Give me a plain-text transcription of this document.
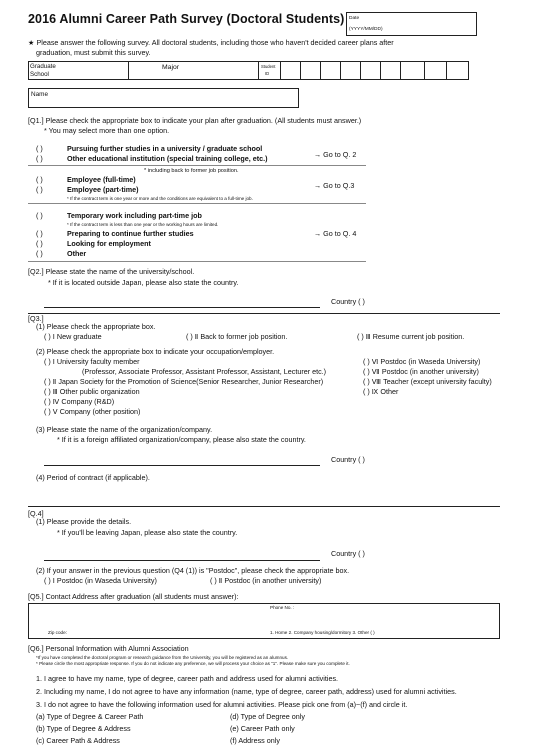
2016 Alumni Career Path Survey (Doctoral Students) Date
(YYYY/MM/DD)
★ Please answer the following survey. All doctoral students, including those who haven't decided career plans after
graduation, must submit this survey.
Graduate
School
Major	Student
ID
Name
[Q1.] Please check the appropriate box to indicate your plan after graduation. (All students must answer.)
* You may select more than one option.
( )	Pursuing further studies in a university / graduate school
( )	Other educational institution (special training college, etc.)	→ Go to Q. 2
* including back to former job position.
( )	Employee (full-time)
( )	Employee (part-time)	→ Go to Q.3
* If the contract term is one year or more and the conditions are equivalent to a full-time job.
( )	Temporary work including part-time job
* If the contract term is less than one year or the working hours are limited.
( )	Preparing to continue further studies
( )	Looking for employment
( )	Other
→ Go to Q. 4
[Q2.] Please state the name of the university/school.
* If it is located outside Japan, please also state the country.
Country ( )
[Q3.]
(1) Please check the appropriate box.
( ) Ⅰ New graduate	( ) Ⅱ Back to former job position.	( ) Ⅲ Resume current job position.
(2) Please check the appropriate box to indicate your occupation/employer.
( ) Ⅰ University faculty member
(Professor, Associate Professor, Assistant Professor, Assistant, Lecturer etc.)
( ) Ⅱ Japan Society for the Promotion of Science(Senior Researcher, Junior Researcher)
( ) Ⅲ Other public organization
( ) Ⅳ Company (R&D)
( ) Ⅴ Company (other position)
( ) Ⅵ Postdoc (in Waseda University)
( ) Ⅶ Postdoc (in another university)
( ) Ⅷ Teacher (except university faculty)
( ) Ⅸ Other
(3) Please state the name of the organization/company.
* If it is a foreign affiliated organization/company, please also state the country.
Country ( )
(4) Period of contract (if applicable).
[Q.4]
(1) Please provide the details.
* If you'll be leaving Japan, please also state the country.
Country ( )
(2) If your answer in the previous question (Q4 (1)) is "Postdoc", please check the appropriate box.
( ) Ⅰ Postdoc (in Waseda University)	( ) Ⅱ Postdoc (in another university)
[Q5.] Contact Address after graduation (all students must answer):
Phone No. :
Zip code:	1. Home 2. Company housing/dormitory 3. Other ( )
[Q6.] Personal Information with Alumni Association
*If you have completed the doctoral program or research guidance from the University, you will be registered as an alumnus.
* Please circle the most appropriate response. If you do not indicate any preference, we will process your choice as "1". Please make sure you complete it.
1. I agree to have my name, type of degree, career path and address used for alumni activities.
2. Including my name, I do not agree to have any information (name, type of degree, career path, address) used for alumni activities.
3. I do not agree to have the following information used for alumni activities. Please pick one from (a)~(f) and circle it.
(a) Type of Degree & Career Path	(d) Type of Degree only
(b) Type of Degree & Address	(e) Career Path only
(c) Career Path & Address	(f) Address only
